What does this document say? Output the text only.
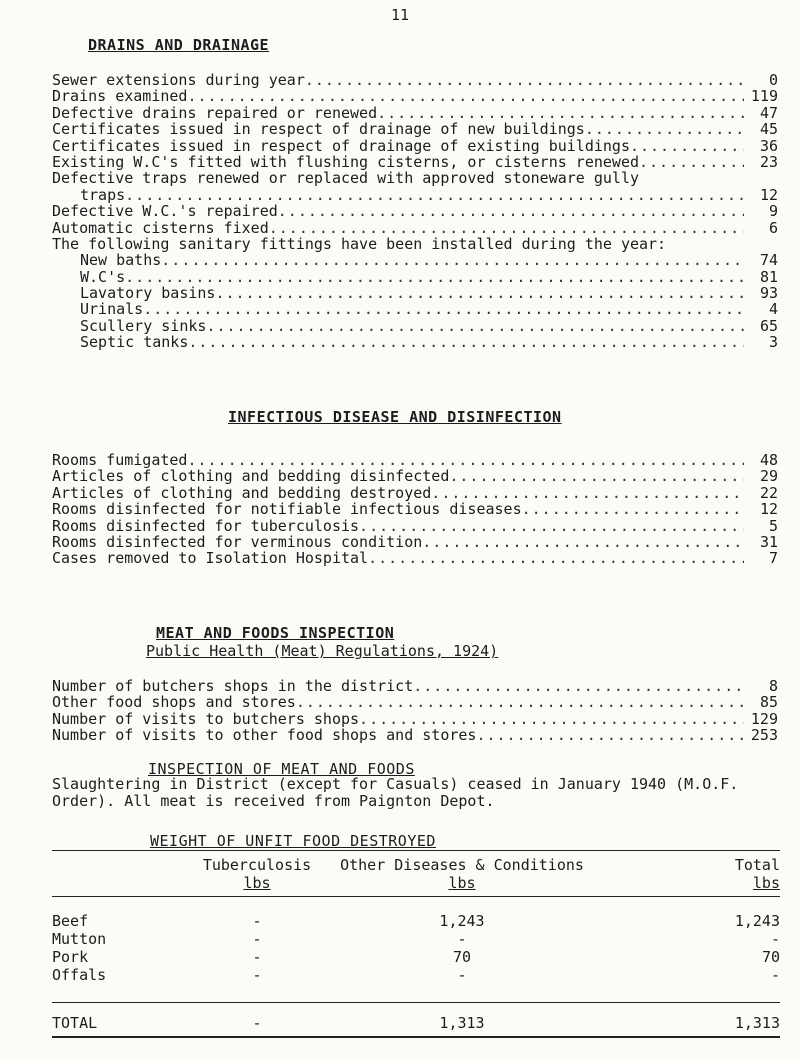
11
DRAINS AND DRAINAGE
Sewer extensions during year .....	0
Drains examined .....	119
Defective drains repaired or renewed .....	47
Certificates issued in respect of drainage of new buildings .....	45
Certificates issued in respect of drainage of existing buildings .....	36
Existing W.C's fitted with flushing cisterns, or cisterns renewed .....	23
Defective traps renewed or replaced with approved stoneware gully
traps .....	12
Defective W.C.'s repaired .....	9
Automatic cisterns fixed .....	6
The following sanitary fittings have been installed during the year:
New baths .....	74
W.C's .....	81
Lavatory basins .....	93
Urinals .....	4
Scullery sinks .....	65
Septic tanks .....	3
INFECTIOUS DISEASE AND DISINFECTION
Rooms fumigated .....	48
Articles of clothing and bedding disinfected .....	29
Articles of clothing and bedding destroyed .....	22
Rooms disinfected for notifiable infectious diseases .....	12
Rooms disinfected for tuberculosis .....	5
Rooms disinfected for verminous condition .....	31
Cases removed to Isolation Hospital .....	7
MEAT AND FOODS INSPECTION
Public Health (Meat) Regulations, 1924)
Number of butchers shops in the district .....	8
Other food shops and stores .....	85
Number of visits to butchers shops .....	129
Number of visits to other food shops and stores .....	253
INSPECTION OF MEAT AND FOODS
Slaughtering in District (except for Casuals) ceased in January 1940 (M.O.F. Order). All meat is received from Paignton Depot.
WEIGHT OF UNFIT FOOD DESTROYED
	Tuberculosis	Other Diseases & Conditions	Total
	lbs	lbs	lbs
Beef	-	1,243	1,243
Mutton	-	-	-
Pork	-	70	70
Offals	-	-	-
TOTAL	-	1,313	1,313
